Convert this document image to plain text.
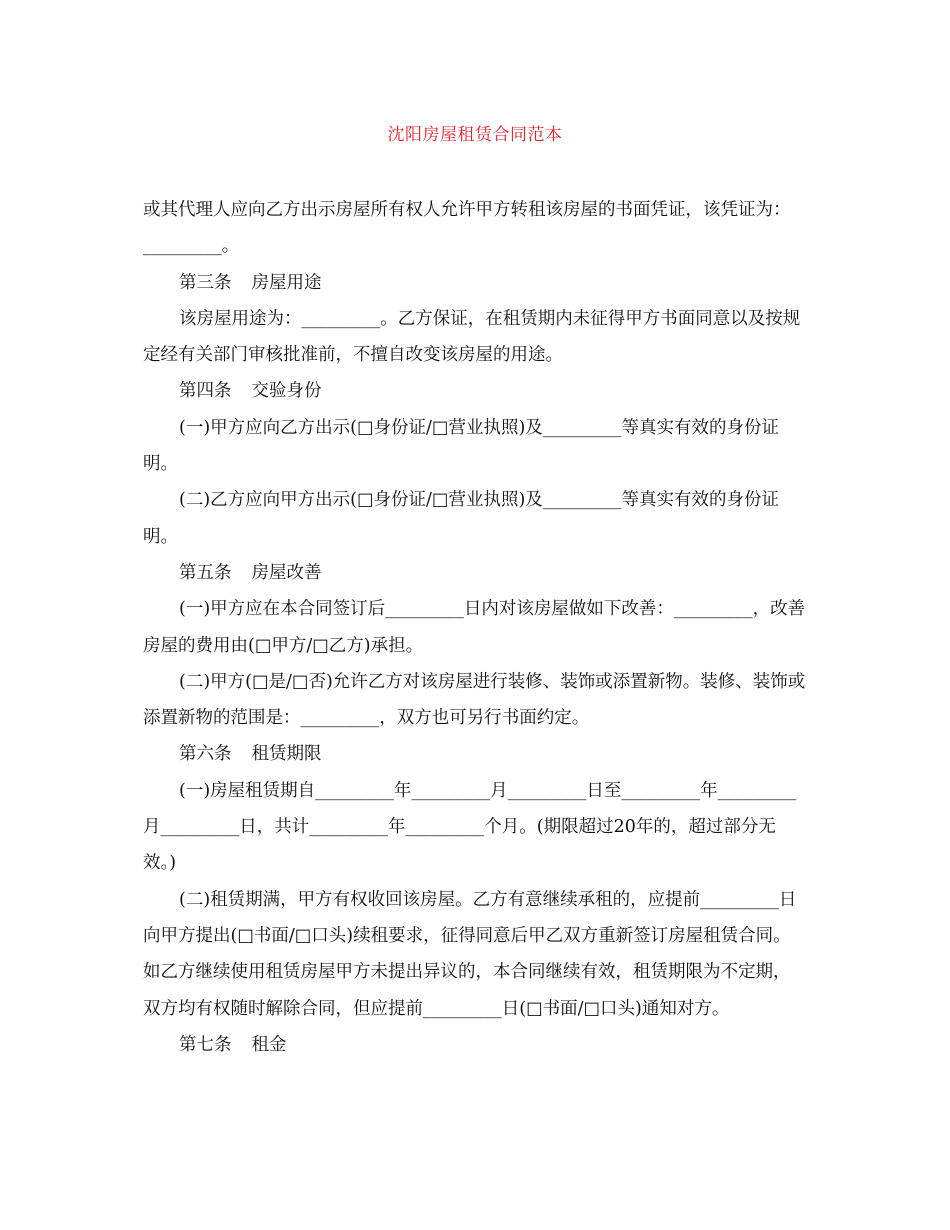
沈阳房屋租赁合同范本

或其代理人应向乙方出示房屋所有权人允许甲方转租该房屋的书面凭证，该凭证为：_________。

第三条 房屋用途

该房屋用途为：_________。乙方保证，在租赁期内未征得甲方书面同意以及按规定经有关部门审核批准前，不擅自改变该房屋的用途。

第四条 交验身份

(一)甲方应向乙方出示(□身份证/□营业执照)及_________等真实有效的身份证明。

(二)乙方应向甲方出示(□身份证/□营业执照)及_________等真实有效的身份证明。

第五条 房屋改善

(一)甲方应在本合同签订后_________日内对该房屋做如下改善：_________，改善房屋的费用由(□甲方/□乙方)承担。

(二)甲方(□是/□否)允许乙方对该房屋进行装修、装饰或添置新物。装修、装饰或添置新物的范围是：_________，双方也可另行书面约定。

第六条 租赁期限

(一)房屋租赁期自_________年_________月_________日至_________年_________月_________日，共计_________年_________个月。(期限超过20年的，超过部分无效。)

(二)租赁期满，甲方有权收回该房屋。乙方有意继续承租的，应提前_________日向甲方提出(□书面/□口头)续租要求，征得同意后甲乙双方重新签订房屋租赁合同。如乙方继续使用租赁房屋甲方未提出异议的，本合同继续有效，租赁期限为不定期，双方均有权随时解除合同，但应提前_________日(□书面/□口头)通知对方。

第七条 租金
